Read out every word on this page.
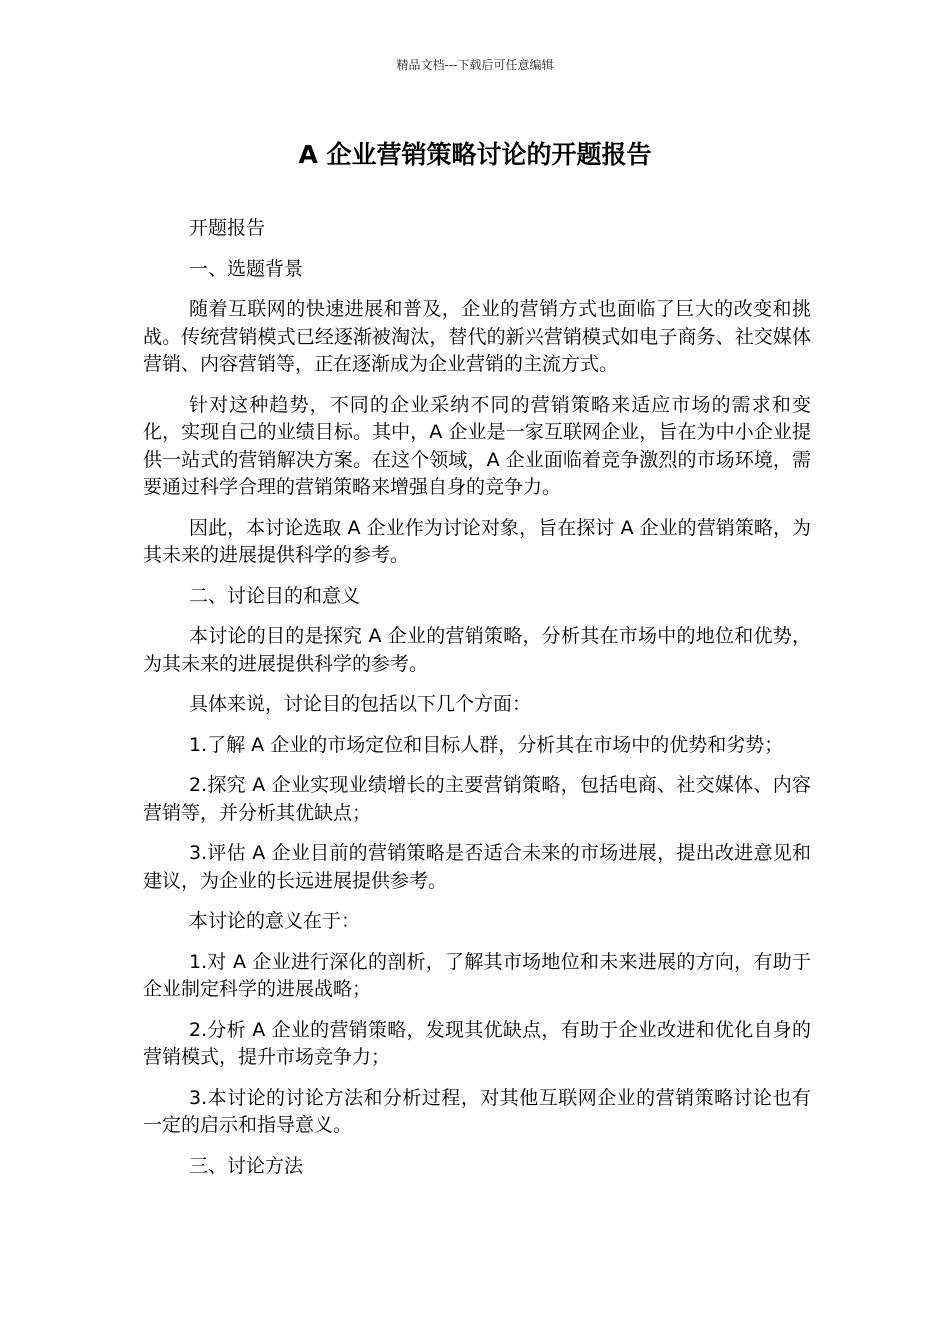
精品文档---下载后可任意编辑
A 企业营销策略讨论的开题报告

开题报告

一、选题背景

随着互联网的快速进展和普及，企业的营销方式也面临了巨大的改变和挑战。传统营销模式已经逐渐被淘汰，替代的新兴营销模式如电子商务、社交媒体营销、内容营销等，正在逐渐成为企业营销的主流方式。

针对这种趋势，不同的企业采纳不同的营销策略来适应市场的需求和变化，实现自己的业绩目标。其中，A 企业是一家互联网企业，旨在为中小企业提供一站式的营销解决方案。在这个领域，A 企业面临着竞争激烈的市场环境，需要通过科学合理的营销策略来增强自身的竞争力。

因此，本讨论选取 A 企业作为讨论对象，旨在探讨 A 企业的营销策略，为其未来的进展提供科学的参考。

二、讨论目的和意义

本讨论的目的是探究 A 企业的营销策略，分析其在市场中的地位和优势，为其未来的进展提供科学的参考。

具体来说，讨论目的包括以下几个方面：

1.了解 A 企业的市场定位和目标人群，分析其在市场中的优势和劣势；

2.探究 A 企业实现业绩增长的主要营销策略，包括电商、社交媒体、内容营销等，并分析其优缺点；

3.评估 A 企业目前的营销策略是否适合未来的市场进展，提出改进意见和建议，为企业的长远进展提供参考。

本讨论的意义在于：

1.对 A 企业进行深化的剖析，了解其市场地位和未来进展的方向，有助于企业制定科学的进展战略；

2.分析 A 企业的营销策略，发现其优缺点，有助于企业改进和优化自身的营销模式，提升市场竞争力；

3.本讨论的讨论方法和分析过程，对其他互联网企业的营销策略讨论也有一定的启示和指导意义。

三、讨论方法
